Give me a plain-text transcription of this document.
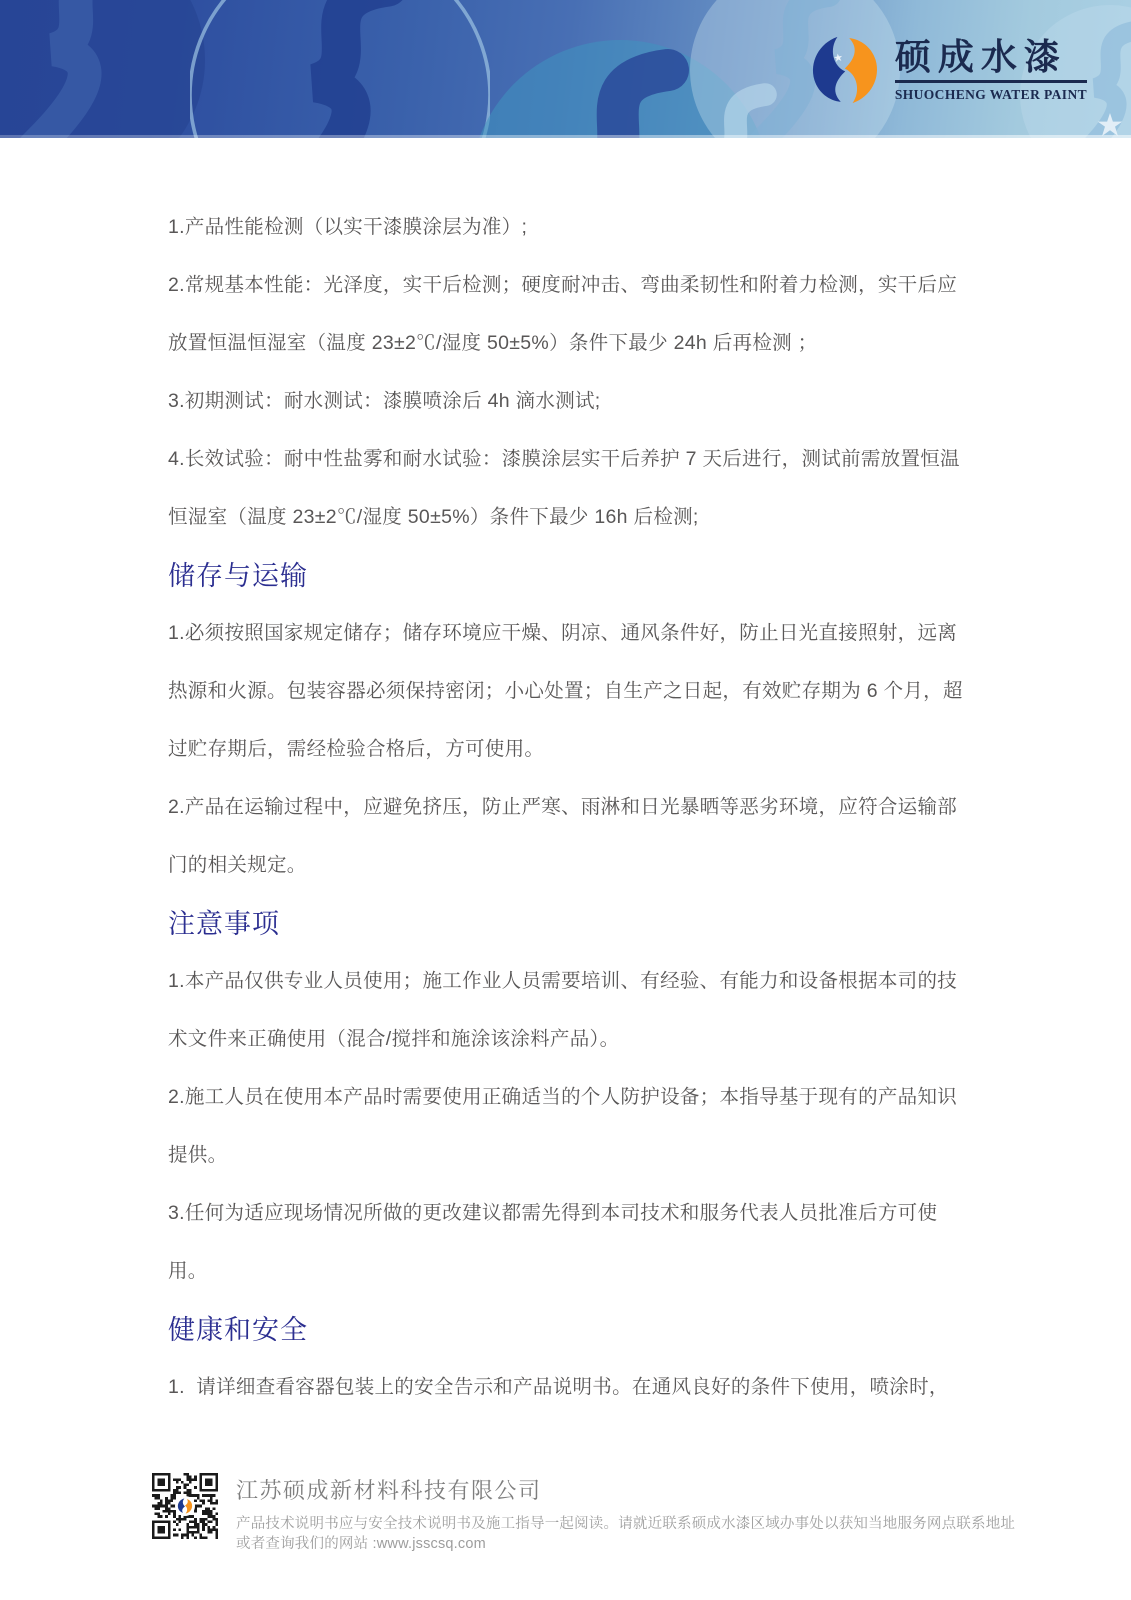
硕成水漆
SHUOCHENG WATER PAINT
1.产品性能检测（以实干漆膜涂层为准）;
2.常规基本性能：光泽度，实干后检测；硬度耐冲击、弯曲柔韧性和附着力检测，实干后应
放置恒温恒湿室（温度 23±2℃/湿度 50±5%）条件下最少 24h 后再检测 ；
3.初期测试：耐水测试：漆膜喷涂后 4h 滴水测试;
4.长效试验：耐中性盐雾和耐水试验：漆膜涂层实干后养护 7 天后进行，测试前需放置恒温
恒湿室（温度 23±2℃/湿度 50±5%）条件下最少 16h 后检测;
储存与运输
1.必须按照国家规定储存；储存环境应干燥、阴凉、通风条件好，防止日光直接照射，远离
热源和火源。包装容器必须保持密闭；小心处置；自生产之日起，有效贮存期为 6 个月，超
过贮存期后，需经检验合格后，方可使用。
2.产品在运输过程中，应避免挤压，防止严寒、雨淋和日光暴晒等恶劣环境，应符合运输部
门的相关规定。
注意事项
1.本产品仅供专业人员使用；施工作业人员需要培训、有经验、有能力和设备根据本司的技
术文件来正确使用（混合/搅拌和施涂该涂料产品）。
2.施工人员在使用本产品时需要使用正确适当的个人防护设备；本指导基于现有的产品知识
提供。
3.任何为适应现场情况所做的更改建议都需先得到本司技术和服务代表人员批准后方可使
用。
健康和安全
1.  请详细查看容器包装上的安全告示和产品说明书。在通风良好的条件下使用，喷涂时，
江苏硕成新材料科技有限公司
产品技术说明书应与安全技术说明书及施工指导一起阅读。请就近联系硕成水漆区域办事处以获知当地服务网点联系地址
或者查询我们的网站 :www.jsscsq.com
